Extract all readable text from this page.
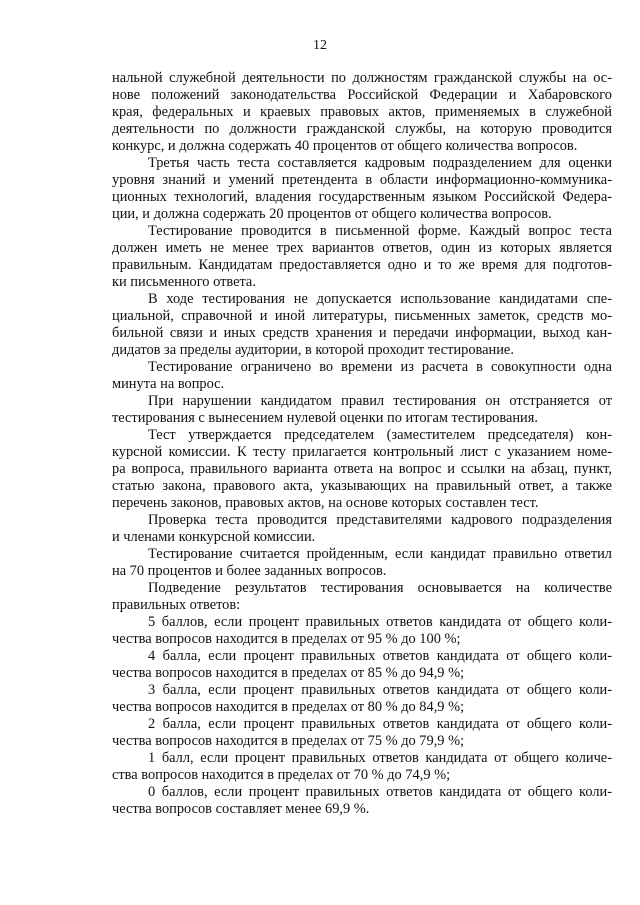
12
нальной служебной деятельности по должностям гражданской службы на ос-
нове положений законодательства Российской Федерации и Хабаровского
края, федеральных и краевых правовых актов, применяемых в служебной
деятельности по должности гражданской службы, на которую проводится
конкурс, и должна содержать 40 процентов от общего количества вопросов.
Третья часть теста составляется кадровым подразделением для оценки
уровня знаний и умений претендента в области информационно-коммуника-
ционных технологий, владения государственным языком Российской Федера-
ции, и должна содержать 20 процентов от общего количества вопросов.
Тестирование проводится в письменной форме. Каждый вопрос теста
должен иметь не менее трех вариантов ответов, один из которых является
правильным. Кандидатам предоставляется одно и то же время для подготов-
ки письменного ответа.
В ходе тестирования не допускается использование кандидатами спе-
циальной, справочной и иной литературы, письменных заметок, средств мо-
бильной связи и иных средств хранения и передачи информации, выход кан-
дидатов за пределы аудитории, в которой проходит тестирование.
Тестирование ограничено во времени из расчета в совокупности одна
минута на вопрос.
При нарушении кандидатом правил тестирования он отстраняется от
тестирования с вынесением нулевой оценки по итогам тестирования.
Тест утверждается председателем (заместителем председателя) кон-
курсной комиссии. К тесту прилагается контрольный лист с указанием номе-
ра вопроса, правильного варианта ответа на вопрос и ссылки на абзац, пункт,
статью закона, правового акта, указывающих на правильный ответ, а также
перечень законов, правовых актов, на основе которых составлен тест.
Проверка теста проводится представителями кадрового подразделения
и членами конкурсной комиссии.
Тестирование считается пройденным, если кандидат правильно ответил
на 70 процентов и более заданных вопросов.
Подведение результатов тестирования основывается на количестве
правильных ответов:
5 баллов, если процент правильных ответов кандидата от общего коли-
чества вопросов находится в пределах от 95 % до 100 %;
4 балла, если процент правильных ответов кандидата от общего коли-
чества вопросов находится в пределах от 85 % до 94,9 %;
3 балла, если процент правильных ответов кандидата от общего коли-
чества вопросов находится в пределах от 80 % до 84,9 %;
2 балла, если процент правильных ответов кандидата от общего коли-
чества вопросов находится в пределах от 75 % до 79,9 %;
1 балл, если процент правильных ответов кандидата от общего количе-
ства вопросов находится в пределах от 70 % до 74,9 %;
0 баллов, если процент правильных ответов кандидата от общего коли-
чества вопросов составляет менее 69,9 %.
